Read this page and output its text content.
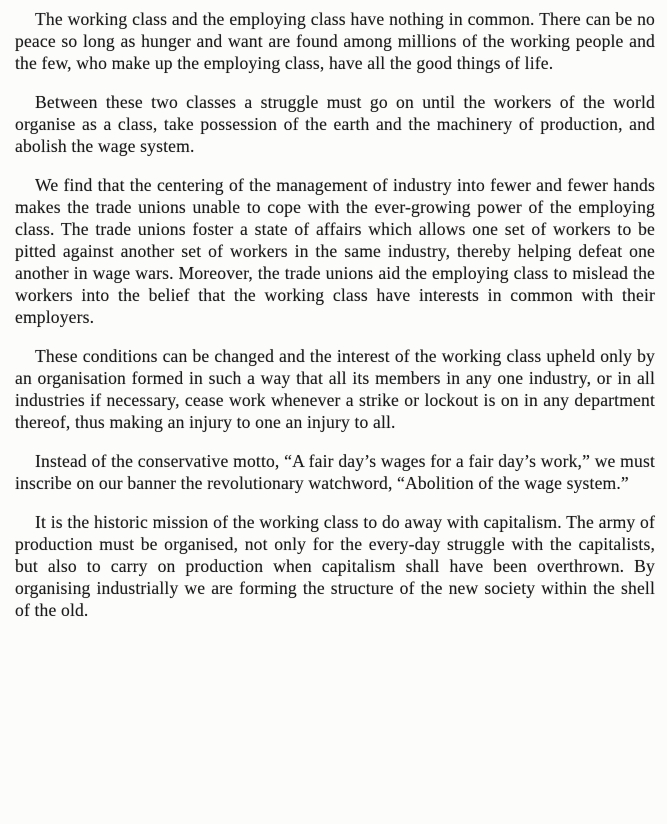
The working class and the employing class have nothing in common. There can be no peace so long as hunger and want are found among millions of the working people and the few, who make up the employing class, have all the good things of life.

Between these two classes a struggle must go on until the workers of the world organise as a class, take possession of the earth and the machinery of production, and abolish the wage system.

We find that the centering of the management of industry into fewer and fewer hands makes the trade unions unable to cope with the ever-growing power of the employing class. The trade unions foster a state of affairs which allows one set of workers to be pitted against another set of workers in the same industry, thereby helping defeat one another in wage wars. Moreover, the trade unions aid the employing class to mislead the workers into the belief that the working class have interests in common with their employers.

These conditions can be changed and the interest of the working class upheld only by an organisation formed in such a way that all its members in any one industry, or in all industries if necessary, cease work whenever a strike or lockout is on in any department thereof, thus making an injury to one an injury to all.

Instead of the conservative motto, “A fair day’s wages for a fair day’s work,” we must inscribe on our banner the revolutionary watchword, “Abolition of the wage system.”

It is the historic mission of the working class to do away with capitalism. The army of production must be organised, not only for the every-day struggle with the capitalists, but also to carry on production when capitalism shall have been overthrown. By organising industrially we are forming the structure of the new society within the shell of the old.
